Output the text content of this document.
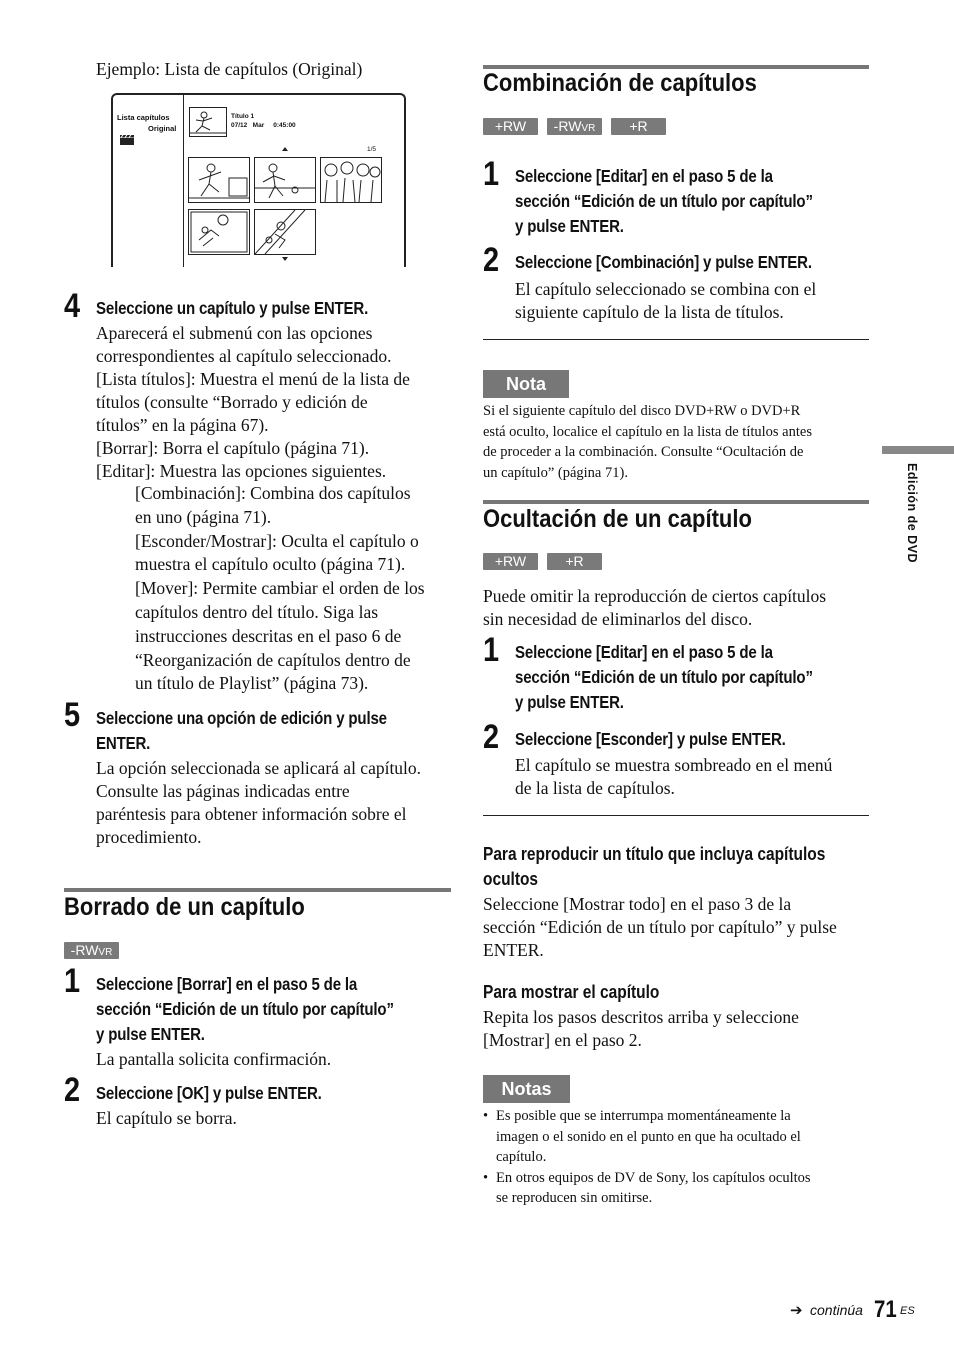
Ejemplo: Lista de capítulos (Original)
Lista capítulos
Original
Título 1
07/12   Mar     0:45:00
1/5
4 Seleccione un capítulo y pulse ENTER.
Aparecerá el submenú con las opciones
correspondientes al capítulo seleccionado.
[Lista títulos]: Muestra el menú de la lista de
títulos (consulte “Borrado y edición de
títulos” en la página 67).
[Borrar]: Borra el capítulo (página 71).
[Editar]: Muestra las opciones siguientes.
[Combinación]: Combina dos capítulos
en uno (página 71).
[Esconder/Mostrar]: Oculta el capítulo o
muestra el capítulo oculto (página 71).
[Mover]: Permite cambiar el orden de los
capítulos dentro del título. Siga las
instrucciones descritas en el paso 6 de
“Reorganización de capítulos dentro de
un título de Playlist” (página 73).
5 Seleccione una opción de edición y pulse
ENTER.
La opción seleccionada se aplicará al capítulo.
Consulte las páginas indicadas entre
paréntesis para obtener información sobre el
procedimiento.
Borrado de un capítulo
-RWVR
1 Seleccione [Borrar] en el paso 5 de la
sección “Edición de un título por capítulo”
y pulse ENTER.
La pantalla solicita confirmación.
2 Seleccione [OK] y pulse ENTER.
El capítulo se borra.
Combinación de capítulos
+RW	-RWVR	+R
1 Seleccione [Editar] en el paso 5 de la
sección “Edición de un título por capítulo”
y pulse ENTER.
2 Seleccione [Combinación] y pulse ENTER.
El capítulo seleccionado se combina con el
siguiente capítulo de la lista de títulos.
Nota
Si el siguiente capítulo del disco DVD+RW o DVD+R
está oculto, localice el capítulo en la lista de títulos antes
de proceder a la combinación. Consulte “Ocultación de
un capítulo” (página 71).
Ocultación de un capítulo
+RW	+R
Puede omitir la reproducción de ciertos capítulos
sin necesidad de eliminarlos del disco.
1 Seleccione [Editar] en el paso 5 de la
sección “Edición de un título por capítulo”
y pulse ENTER.
2 Seleccione [Esconder] y pulse ENTER.
El capítulo se muestra sombreado en el menú
de la lista de capítulos.
Para reproducir un título que incluya capítulos
ocultos
Seleccione [Mostrar todo] en el paso 3 de la
sección “Edición de un título por capítulo” y pulse
ENTER.
Para mostrar el capítulo
Repita los pasos descritos arriba y seleccione
[Mostrar] en el paso 2.
Notas
• Es posible que se interrumpa momentáneamente la
imagen o el sonido en el punto en que ha ocultado el
capítulo.
• En otros equipos de DV de Sony, los capítulos ocultos
se reproducen sin omitirse.
Edición de DVD
➔ continúa 71 ES
